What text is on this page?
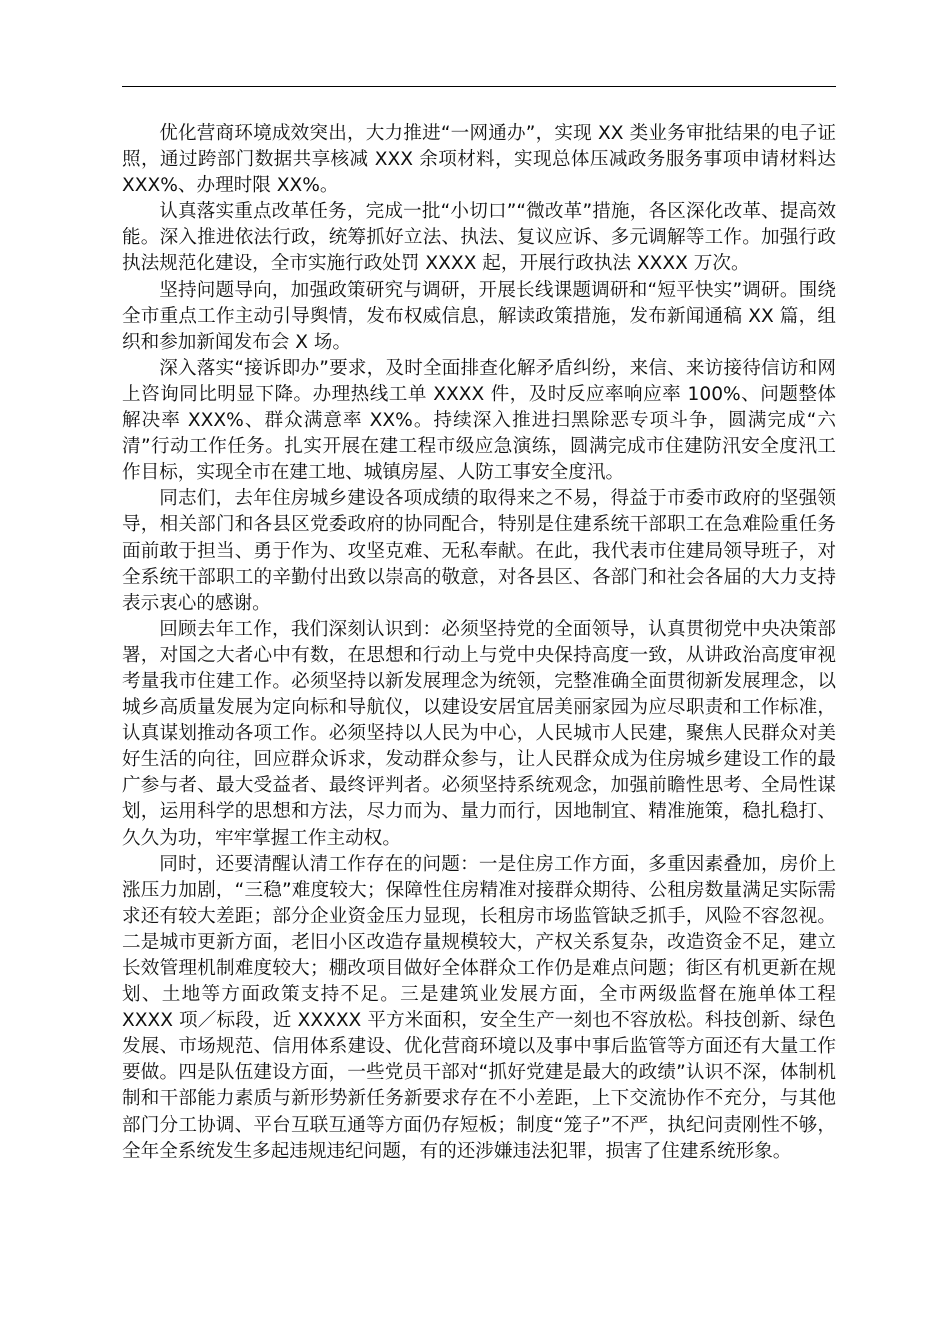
优化营商环境成效突出，大力推进“一网通办”，实现 XX 类业务审批结果的电子证照，通过跨部门数据共享核减 XXX 余项材料，实现总体压减政务服务事项申请材料达 XXX%、办理时限 XX%。

认真落实重点改革任务，完成一批“小切口”“微改革”措施，各区深化改革、提高效能。深入推进依法行政，统筹抓好立法、执法、复议应诉、多元调解等工作。加强行政执法规范化建设，全市实施行政处罚 XXXX 起，开展行政执法 XXXX 万次。

坚持问题导向，加强政策研究与调研，开展长线课题调研和“短平快实”调研。围绕全市重点工作主动引导舆情，发布权威信息，解读政策措施，发布新闻通稿 XX 篇，组织和参加新闻发布会 X 场。

深入落实“接诉即办”要求，及时全面排查化解矛盾纠纷，来信、来访接待信访和网上咨询同比明显下降。办理热线工单 XXXX 件，及时反应率响应率 100%、问题整体解决率 XXX%、群众满意率 XX%。持续深入推进扫黑除恶专项斗争，圆满完成“六清”行动工作任务。扎实开展在建工程市级应急演练，圆满完成市住建防汛安全度汛工作目标，实现全市在建工地、城镇房屋、人防工事安全度汛。

同志们，去年住房城乡建设各项成绩的取得来之不易，得益于市委市政府的坚强领导，相关部门和各县区党委政府的协同配合，特别是住建系统干部职工在急难险重任务面前敢于担当、勇于作为、攻坚克难、无私奉献。在此，我代表市住建局领导班子，对全系统干部职工的辛勤付出致以崇高的敬意，对各县区、各部门和社会各届的大力支持表示衷心的感谢。

回顾去年工作，我们深刻认识到：必须坚持党的全面领导，认真贯彻党中央决策部署，对国之大者心中有数，在思想和行动上与党中央保持高度一致，从讲政治高度审视考量我市住建工作。必须坚持以新发展理念为统领，完整准确全面贯彻新发展理念，以城乡高质量发展为定向标和导航仪，以建设安居宜居美丽家园为应尽职责和工作标准，认真谋划推动各项工作。必须坚持以人民为中心，人民城市人民建，聚焦人民群众对美好生活的向往，回应群众诉求，发动群众参与，让人民群众成为住房城乡建设工作的最广参与者、最大受益者、最终评判者。必须坚持系统观念，加强前瞻性思考、全局性谋划，运用科学的思想和方法，尽力而为、量力而行，因地制宜、精准施策，稳扎稳打、久久为功，牢牢掌握工作主动权。

同时，还要清醒认清工作存在的问题：一是住房工作方面，多重因素叠加，房价上涨压力加剧，“三稳”难度较大；保障性住房精准对接群众期待、公租房数量满足实际需求还有较大差距；部分企业资金压力显现，长租房市场监管缺乏抓手，风险不容忽视。二是城市更新方面，老旧小区改造存量规模较大，产权关系复杂，改造资金不足，建立长效管理机制难度较大；棚改项目做好全体群众工作仍是难点问题；街区有机更新在规划、土地等方面政策支持不足。三是建筑业发展方面，全市两级监督在施单体工程 XXXX 项／标段，近 XXXXX 平方米面积，安全生产一刻也不容放松。科技创新、绿色发展、市场规范、信用体系建设、优化营商环境以及事中事后监管等方面还有大量工作要做。四是队伍建设方面，一些党员干部对“抓好党建是最大的政绩”认识不深，体制机制和干部能力素质与新形势新任务新要求存在不小差距，上下交流协作不充分，与其他部门分工协调、平台互联互通等方面仍存短板；制度“笼子”不严，执纪问责刚性不够，全年全系统发生多起违规违纪问题，有的还涉嫌违法犯罪，损害了住建系统形象。
